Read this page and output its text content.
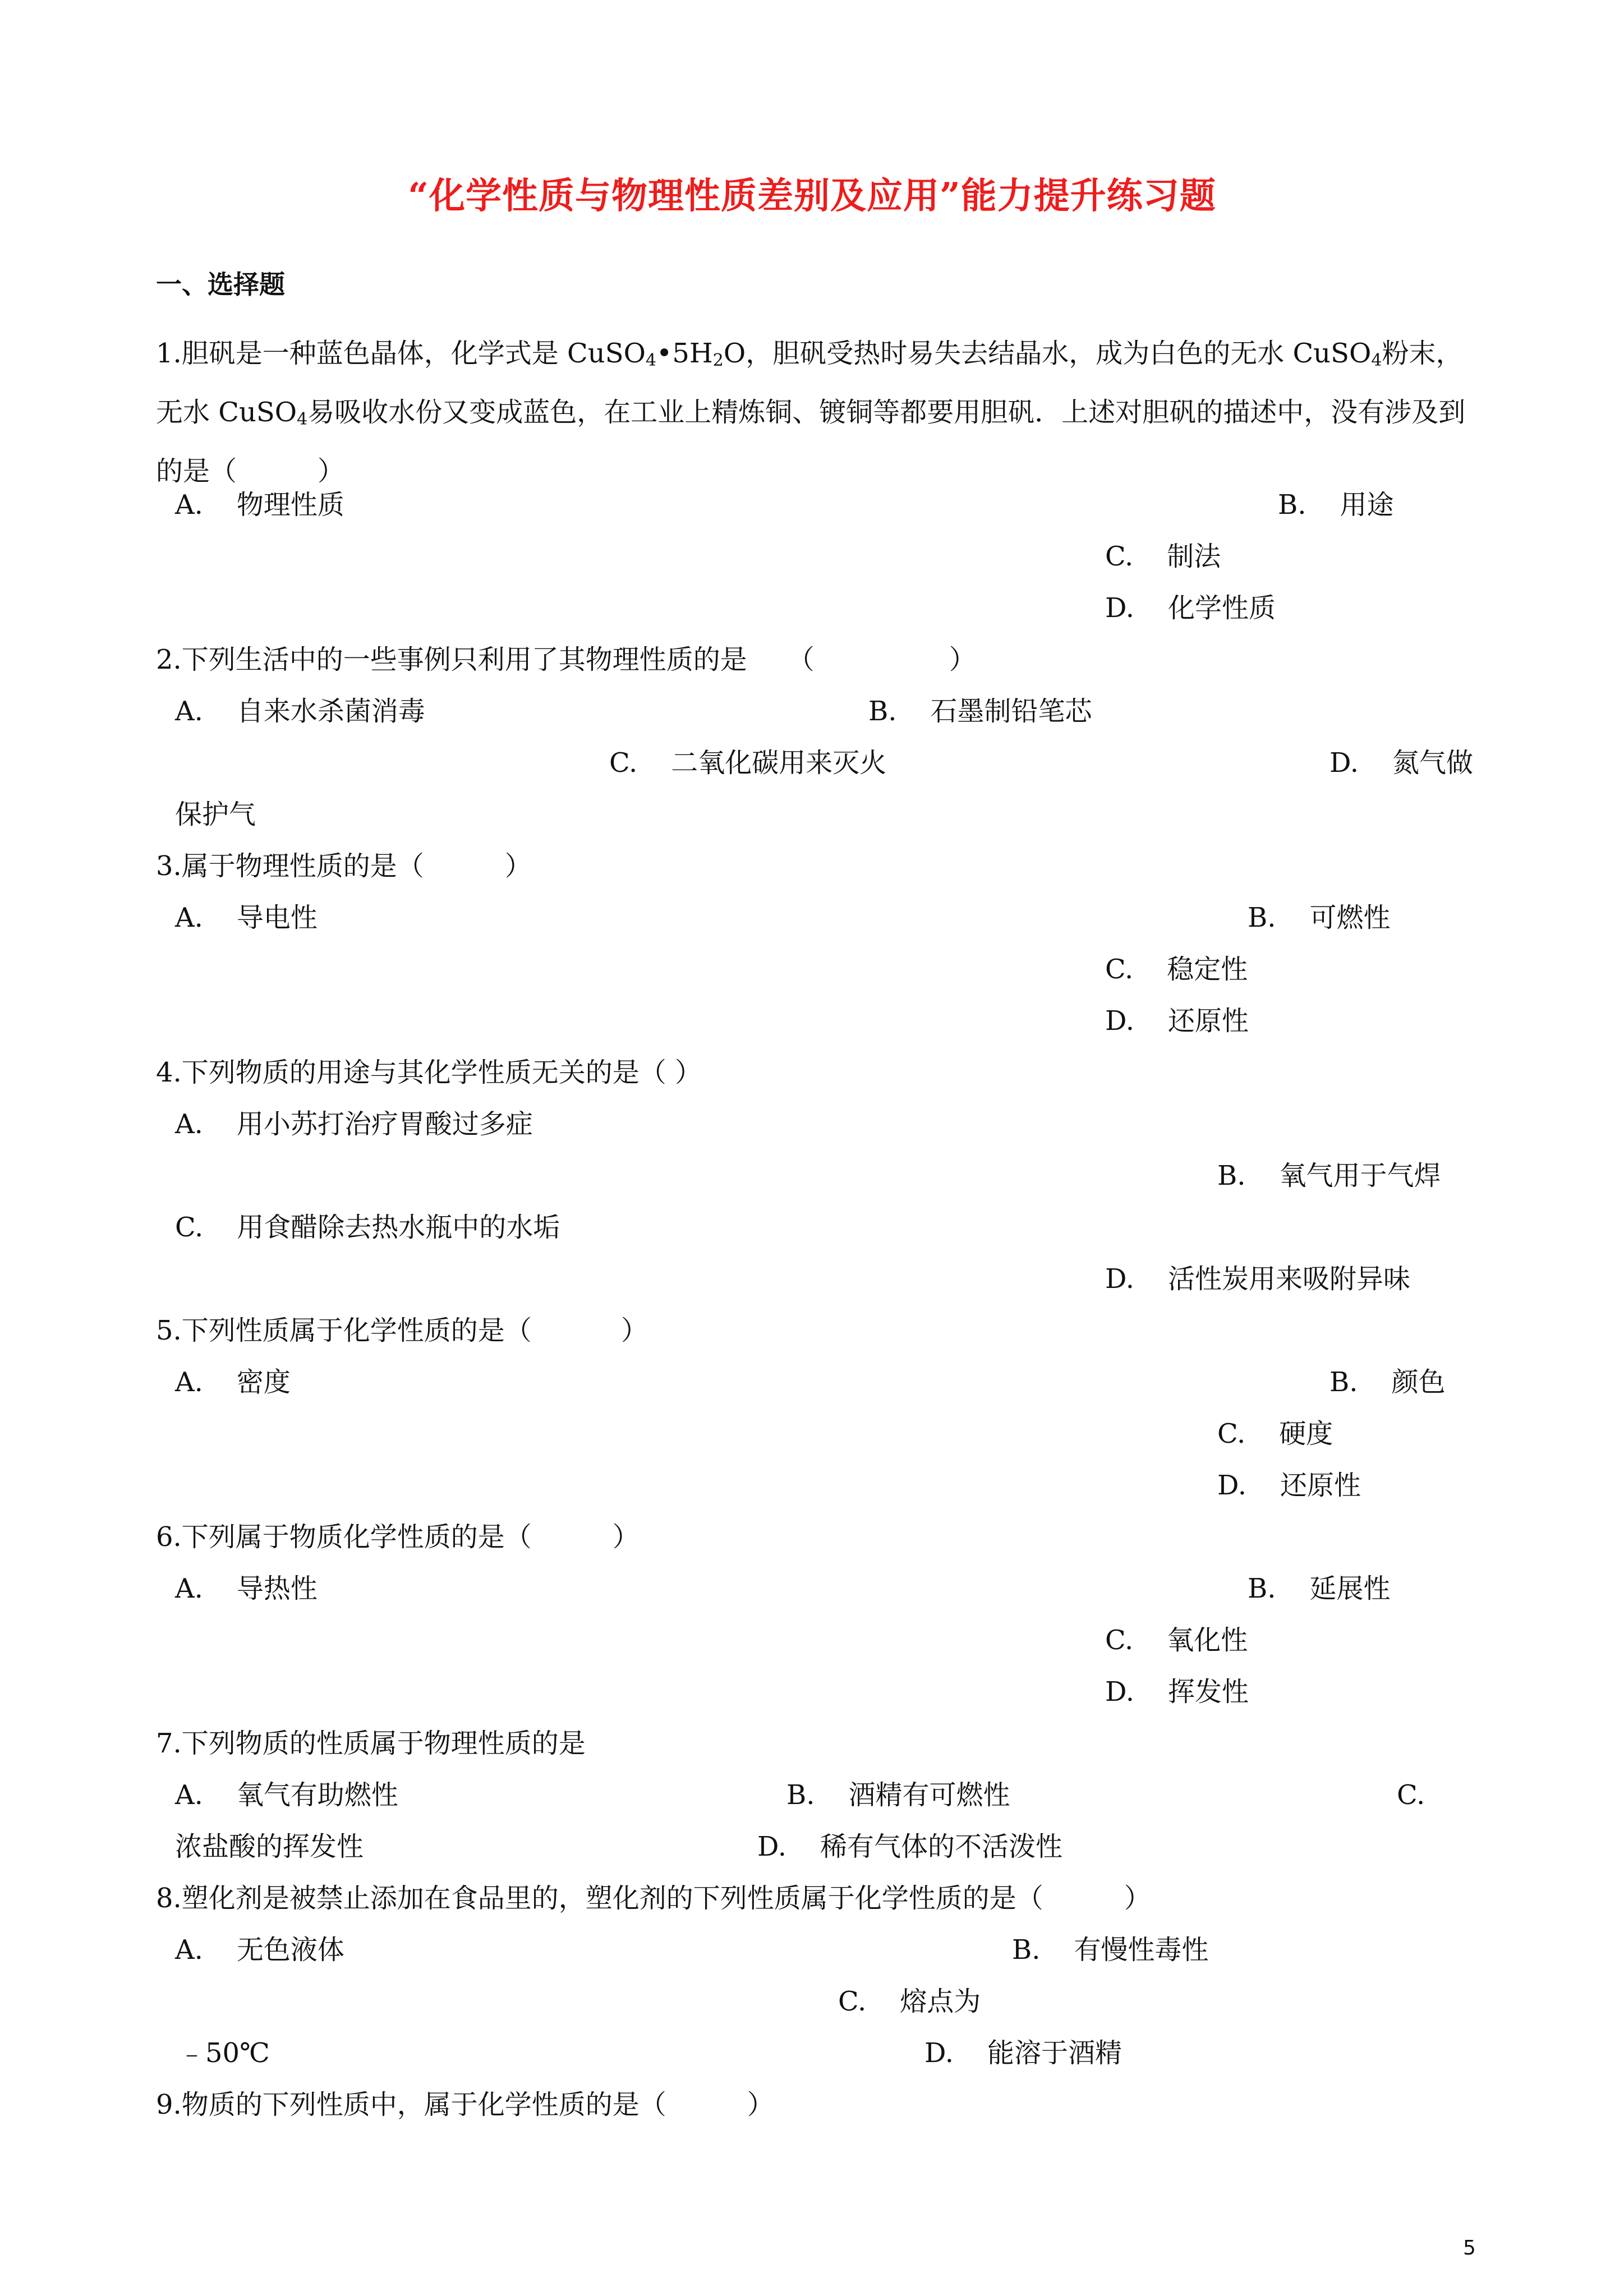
“化学性质与物理性质差别及应用”能力提升练习题
一、选择题
1.胆矾是一种蓝色晶体，化学式是 $CuSO_4•5H_2O$，胆矾受热时易失去结晶水，成为白色的无水 CuSO$_4$粉末，无水 CuSO$_4$易吸收水份又变成蓝色，在工业上精炼铜、镀铜等都要用胆矾．上述对胆矾的描述中，没有涉及到的是（　　　）
A. 物理性质	B. 用途
C. 制法
D. 化学性质
2.下列生活中的一些事例只利用了其物理性质的是　　（　　　　　）
A. 自来水杀菌消毒	B. 石墨制铅笔芯
C. 二氧化碳用来灭火	D. 氮气做
保护气
3.属于物理性质的是（　　　）
A. 导电性	B. 可燃性
C. 稳定性
D. 还原性
4.下列物质的用途与其化学性质无关的是（ ）
A. 用小苏打治疗胃酸过多症
B. 氧气用于气焊
C. 用食醋除去热水瓶中的水垢
D. 活性炭用来吸附异味
5.下列性质属于化学性质的是（　　　 ）
A. 密度	B. 颜色
C. 硬度
D. 还原性
6.下列属于物质化学性质的是（　　　）
A. 导热性	B. 延展性
C. 氧化性
D. 挥发性
7.下列物质的性质属于物理性质的是
A. 氧气有助燃性	B. 酒精有可燃性	C.
浓盐酸的挥发性	D. 稀有气体的不活泼性
8.塑化剂是被禁止添加在食品里的，塑化剂的下列性质属于化学性质的是（　　　）
A. 无色液体	B. 有慢性毒性
C. 熔点为
﹣50℃	D. 能溶于酒精
9.物质的下列性质中，属于化学性质的是（　　　）
5
